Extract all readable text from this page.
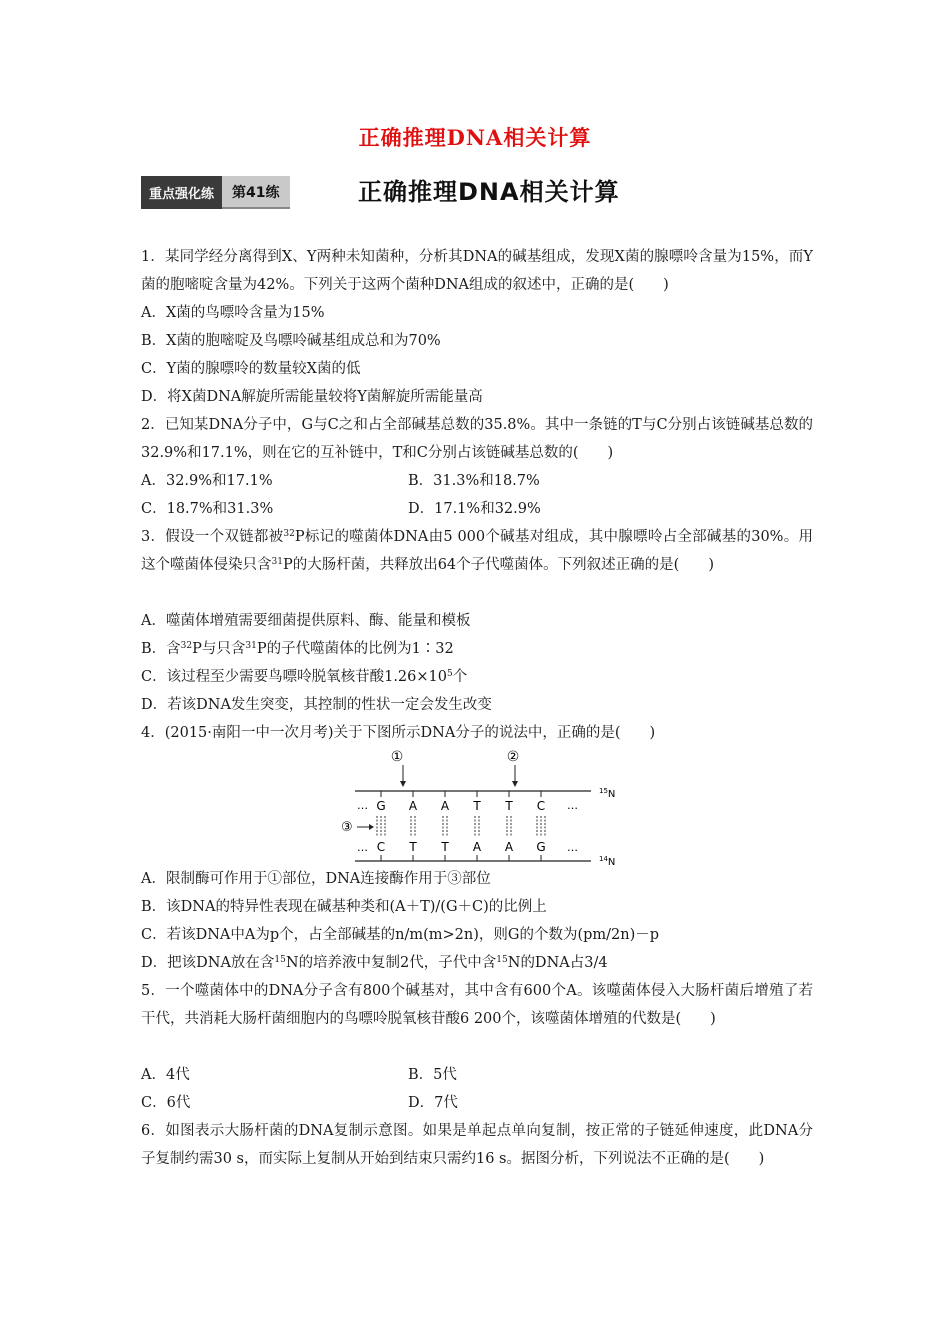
正确推理DNA相关计算
重点强化练	第41练	正确推理DNA相关计算
1．某同学经分离得到X、Y两种未知菌种，分析其DNA的碱基组成，发现X菌的腺嘌呤含量为15%，而Y菌的胞嘧啶含量为42%。下列关于这两个菌种DNA组成的叙述中，正确的是(　　)
A．X菌的鸟嘌呤含量为15%
B．X菌的胞嘧啶及鸟嘌呤碱基组成总和为70%
C．Y菌的腺嘌呤的数量较X菌的低
D．将X菌DNA解旋所需能量较将Y菌解旋所需能量高
2．已知某DNA分子中，G与C之和占全部碱基总数的35.8%。其中一条链的T与C分别占该链碱基总数的32.9%和17.1%，则在它的互补链中，T和C分别占该链碱基总数的(　　)
A．32.9%和17.1%	B．31.3%和18.7%
C．18.7%和31.3%	D．17.1%和32.9%
3．假设一个双链都被$^{32}$P标记的噬菌体DNA由5 000个碱基对组成，其中腺嘌呤占全部碱基的30%。用这个噬菌体侵染只含$^{31}$P的大肠杆菌，共释放出64个子代噬菌体。下列叙述正确的是(　　)
A．噬菌体增殖需要细菌提供原料、酶、能量和模板
B．含$^{32}$P与只含$^{31}$P的子代噬菌体的比例为1∶32
C．该过程至少需要鸟嘌呤脱氧核苷酸$1.26\times 10^5$个
D．若该DNA发生突变，其控制的性状一定会发生改变
4．(2015·南阳一中一次月考)关于下图所示DNA分子的说法中，正确的是(　　)
①	②
③
…	…
…	…
$^{15}$N
$^{14}$N
G
C
A
T
A
T
T
A
T
A
C
G
A．限制酶可作用于①部位，DNA连接酶作用于③部位
B．该DNA的特异性表现在碱基种类和(A＋T)/(G＋C)的比例上
C．若该DNA中A为p个，占全部碱基的n/m(m>2n)，则G的个数为(pm/2n)－p
D．把该DNA放在含$^{15}$N的培养液中复制2代，子代中含$^{15}$N的DNA占3/4
5．一个噬菌体中的DNA分子含有800个碱基对，其中含有600个A。该噬菌体侵入大肠杆菌后增殖了若干代，共消耗大肠杆菌细胞内的鸟嘌呤脱氧核苷酸6 200个，该噬菌体增殖的代数是(　　)
A．4代	B．5代
C．6代	D．7代
6．如图表示大肠杆菌的DNA复制示意图。如果是单起点单向复制，按正常的子链延伸速度，此DNA分子复制约需30 s，而实际上复制从开始到结束只需约16 s。据图分析，下列说法不正确的是(　　)
